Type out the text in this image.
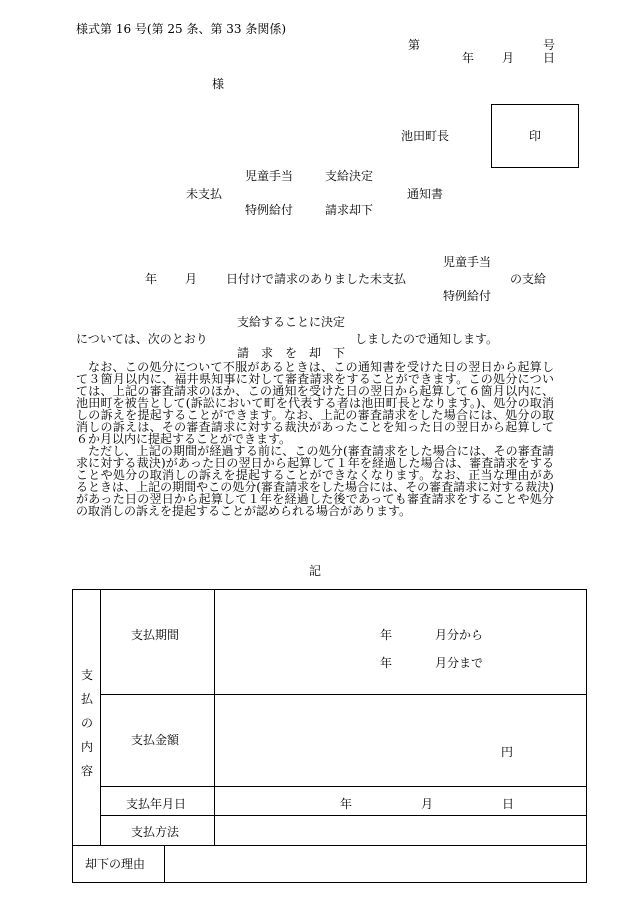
様式第 16 号(第 25 条、第 33 条関係)
第	号
年 月 日
様
池田町長	印
児童手当	支給決定
未支払	通知書
特例給付	請求却下
児童手当
年 月 日付けで請求のありました未支払	の支給
特例給付
支給することに決定
については、次のとおり	しましたので通知します。
請　求　を　却　下

なお、この処分について不服があるときは、この通知書を受けた日の翌日から起算して３箇月以内に、福井県知事に対して審査請求をすることができます。この処分については、上記の審査請求のほか、この通知を受けた日の翌日から起算して６箇月以内に、池田町を被告として(訴訟において町を代表する者は池田町長となります。)、処分の取消しの訴えを提起することができます。なお、上記の審査請求をした場合には、処分の取消しの訴えは、その審査請求に対する裁決があったことを知った日の翌日から起算して６か月以内に提起することができます。

ただし、上記の期間が経過する前に、この処分(審査請求をした場合には、その審査請求に対する裁決)があった日の翌日から起算して１年を経過した場合は、審査請求をすることや処分の取消しの訴えを提起することができなくなります。なお、正当な理由があるときは、上記の期間やこの処分(審査請求をした場合には、その審査請求に対する裁決)があった日の翌日から起算して１年を経過した後であっても審査請求をすることや処分の取消しの訴えを提起することが認められる場合があります。

記
支
払
の
内
容
支払期間	年	月分から
年	月分まで
支払金額
円
支払年月日	年	月	日
支払方法
却下の理由
